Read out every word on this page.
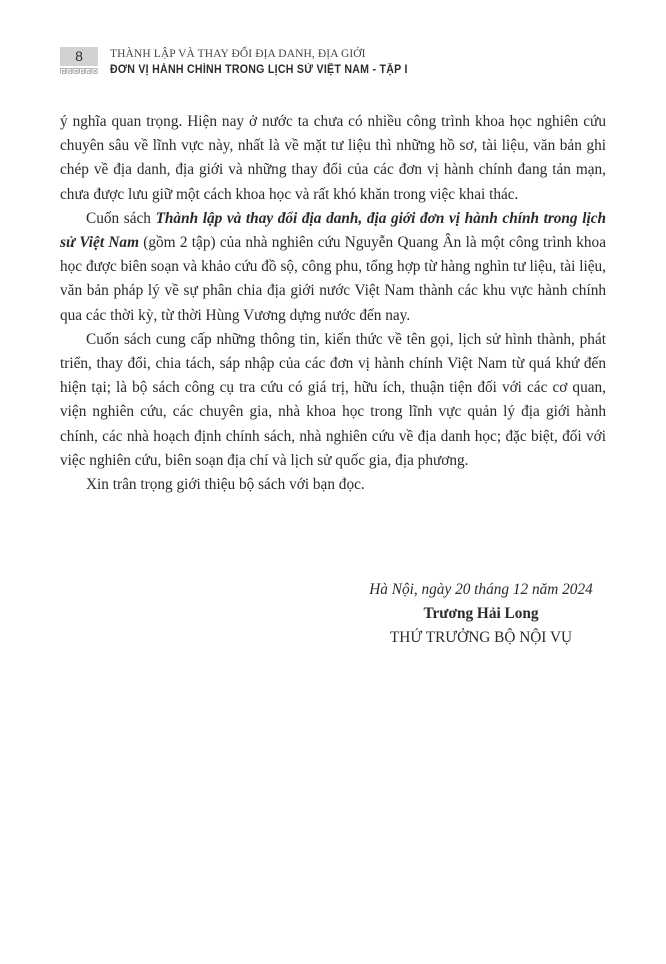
8	THÀNH LẬP VÀ THAY ĐỔI ĐỊA DANH, ĐỊA GIỚI
ĐƠN VỊ HÀNH CHÍNH TRONG LỊCH SỬ VIỆT NAM - TẬP I

ý nghĩa quan trọng. Hiện nay ở nước ta chưa có nhiều công trình khoa học nghiên cứu chuyên sâu về lĩnh vực này, nhất là về mặt tư liệu thì những hồ sơ, tài liệu, văn bản ghi chép về địa danh, địa giới và những thay đổi của các đơn vị hành chính đang tản mạn, chưa được lưu giữ một cách khoa học và rất khó khăn trong việc khai thác.

Cuốn sách Thành lập và thay đổi địa danh, địa giới đơn vị hành chính trong lịch sử Việt Nam (gồm 2 tập) của nhà nghiên cứu Nguyễn Quang Ân là một công trình khoa học được biên soạn và khảo cứu đồ sộ, công phu, tổng hợp từ hàng nghìn tư liệu, tài liệu, văn bản pháp lý về sự phân chia địa giới nước Việt Nam thành các khu vực hành chính qua các thời kỳ, từ thời Hùng Vương dựng nước đến nay.

Cuốn sách cung cấp những thông tin, kiến thức về tên gọi, lịch sử hình thành, phát triển, thay đổi, chia tách, sáp nhập của các đơn vị hành chính Việt Nam từ quá khứ đến hiện tại; là bộ sách công cụ tra cứu có giá trị, hữu ích, thuận tiện đối với các cơ quan, viện nghiên cứu, các chuyên gia, nhà khoa học trong lĩnh vực quản lý địa giới hành chính, các nhà hoạch định chính sách, nhà nghiên cứu về địa danh học; đặc biệt, đối với việc nghiên cứu, biên soạn địa chí và lịch sử quốc gia, địa phương.

Xin trân trọng giới thiệu bộ sách với bạn đọc.

Hà Nội, ngày 20 tháng 12 năm 2024
Trương Hải Long
THỨ TRƯỞNG BỘ NỘI VỤ
